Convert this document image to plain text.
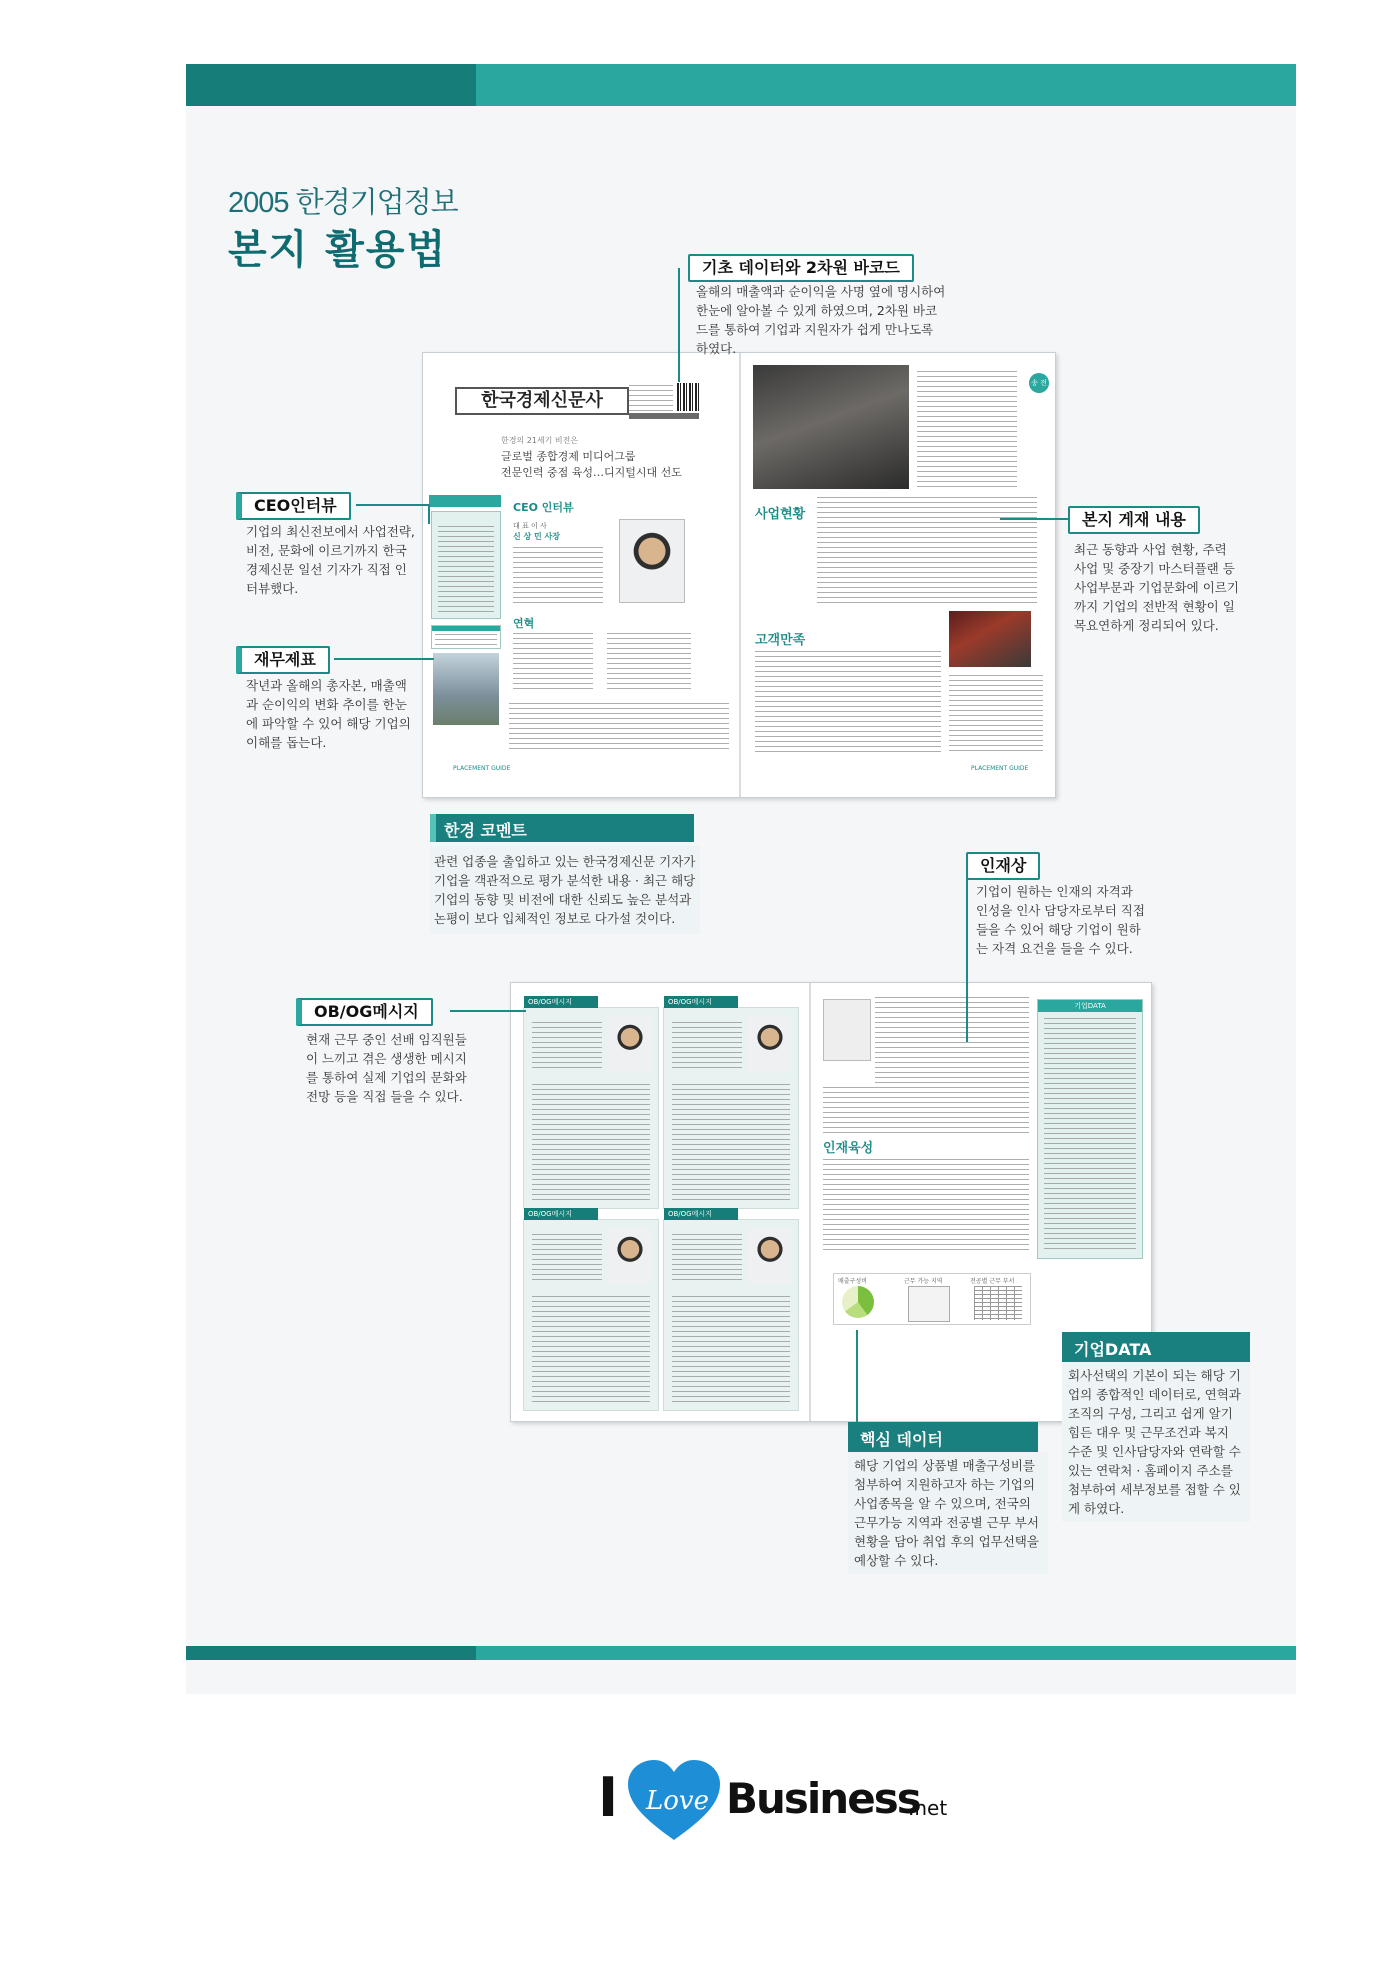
2005 한경기업정보
본지 활용법
한국경제신문사
한경의 21세기 비전은
글로벌 종합경제 미디어그룹
전문인력 중점 육성…디지털시대 선도
CEO 인터뷰
대 표 이 사
신 상 민 사장
연혁
PLACEMENT GUIDE
송 전
사업현황
고객만족
PLACEMENT GUIDE
OB/OG메시지	OB/OG메시지
OB/OG메시지	OB/OG메시지
인재육성
기업DATA
매출구성비	근무 가능 지역	전공별 근무 부서
기초 데이터와 2차원 바코드
올해의 매출액과 순이익을 사명 옆에 명시하여 한눈에 알아볼 수 있게 하였으며, 2차원 바코드를 통하여 기업과 지원자가 쉽게 만나도록 하였다.
CEO인터뷰
기업의 최신전보에서 사업전략, 비전, 문화에 이르기까지 한국경제신문 일선 기자가 직접 인터뷰했다.
재무제표
작년과 올해의 총자본, 매출액과 순이익의 변화 추이를 한눈에 파악할 수 있어 해당 기업의 이해를 돕는다.
본지 게재 내용
최근 동향과 사업 현황, 주력 사업 및 중장기 마스터플랜 등 사업부문과 기업문화에 이르기까지 기업의 전반적 현황이 일목요연하게 정리되어 있다.
한경 코멘트
관련 업종을 출입하고 있는 한국경제신문 기자가 기업을 객관적으로 평가 분석한 내용 · 최근 해당 기업의 동향 및 비전에 대한 신뢰도 높은 분석과 논평이 보다 입체적인 정보로 다가설 것이다.
인재상
기업이 원하는 인재의 자격과 인성을 인사 담당자로부터 직접 들을 수 있어 해당 기업이 원하는 자격 요건을 들을 수 있다.
OB/OG메시지
현재 근무 중인 선배 임직원들이 느끼고 겪은 생생한 메시지를 통하여 실제 기업의 문화와 전망 등을 직접 들을 수 있다.
기업DATA
회사선택의 기본이 되는 해당 기업의 종합적인 데이터로, 연혁과 조직의 구성, 그리고 쉽게 알기 힘든 대우 및 근무조건과 복지 수준 및 인사담당자와 연락할 수 있는 연락처 · 홈페이지 주소를 첨부하여 세부정보를 접할 수 있게 하였다.
핵심 데이터
해당 기업의 상품별 매출구성비를 첨부하여 지원하고자 하는 기업의 사업종목을 알 수 있으며, 전국의 근무가능 지역과 전공별 근무 부서 현황을 담아 취업 후의 업무선택을 예상할 수 있다.
I Love Business
.net
